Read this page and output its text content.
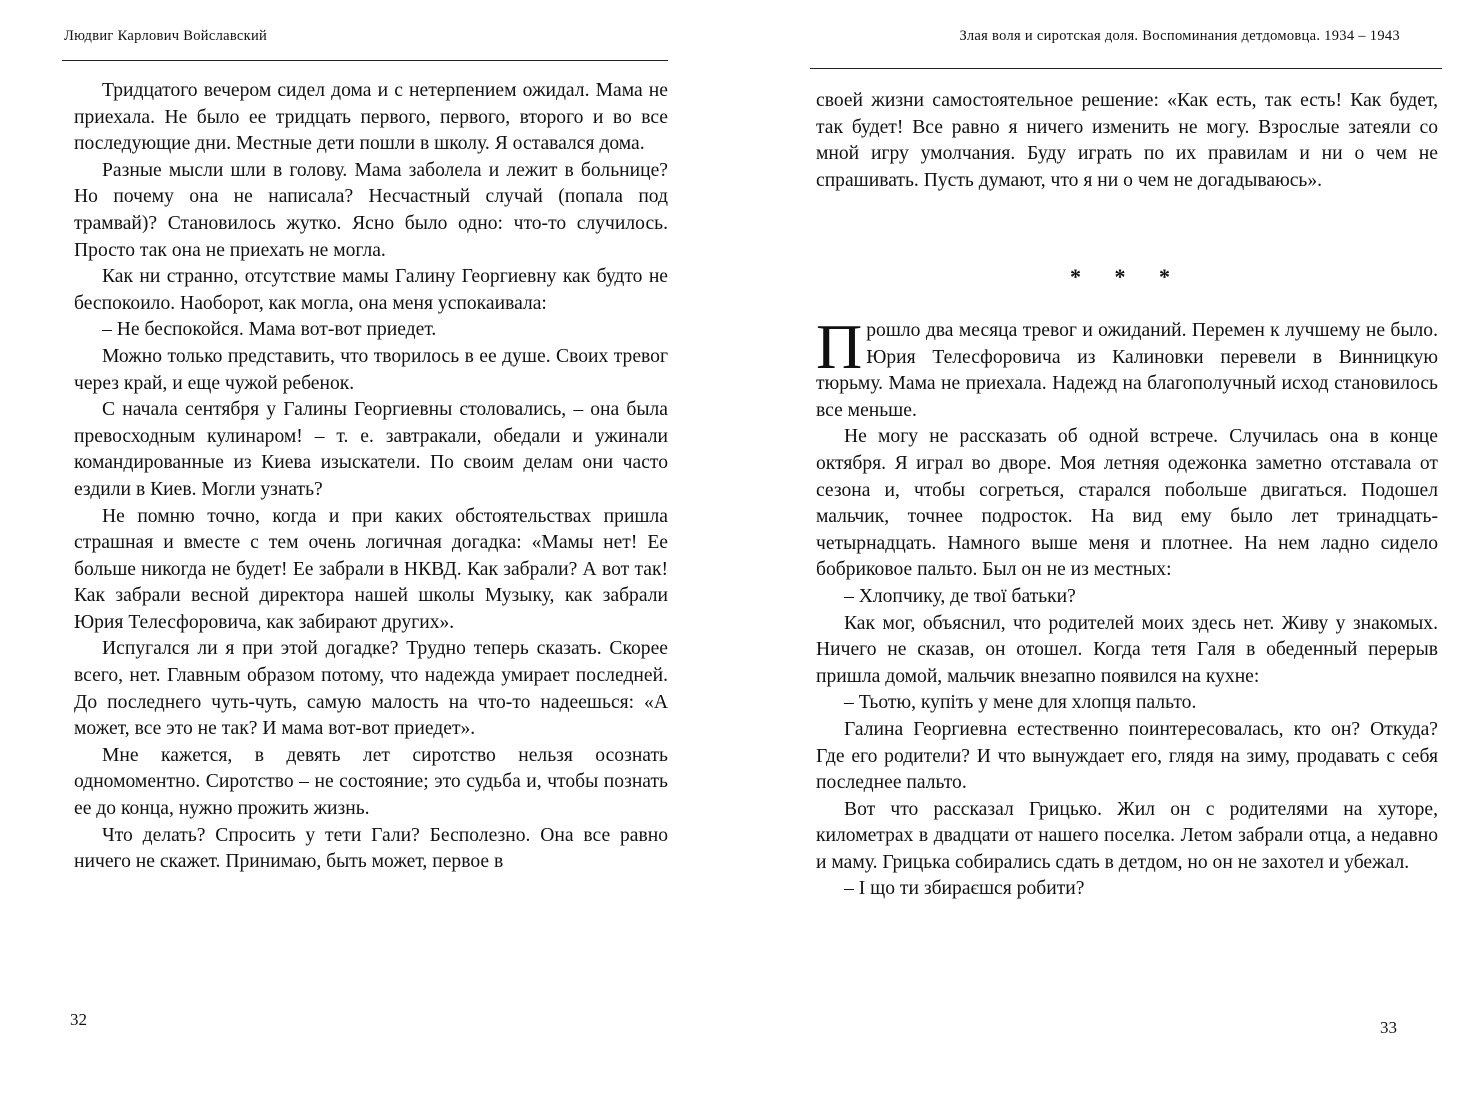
Людвиг Карлович Войславский

Тридцатого вечером сидел дома и с нетерпением ожидал. Мама не приехала. Не было ее тридцать первого, первого, второго и во все последующие дни. Местные дети пошли в школу. Я оставался дома.

Разные мысли шли в голову. Мама заболела и лежит в больнице? Но почему она не написала? Несчастный случай (попала под трамвай)? Становилось жутко. Ясно было одно: что-то случилось. Просто так она не приехать не могла.

Как ни странно, отсутствие мамы Галину Георгиевну как будто не беспокоило. Наоборот, как могла, она меня успокаивала:

– Не беспокойся. Мама вот-вот приедет.

Можно только представить, что творилось в ее душе. Своих тревог через край, и еще чужой ребенок.

С начала сентября у Галины Георгиевны столовались, – она была превосходным кулинаром! – т. е. завтракали, обедали и ужинали командированные из Киева изыскатели. По своим делам они часто ездили в Киев. Могли узнать?

Не помню точно, когда и при каких обстоятельствах пришла страшная и вместе с тем очень логичная догадка: «Мамы нет! Ее больше никогда не будет! Ее забрали в НКВД. Как забрали? А вот так! Как забрали весной директора нашей школы Музыку, как забрали Юрия Телесфоровича, как забирают других».

Испугался ли я при этой догадке? Трудно теперь сказать. Скорее всего, нет. Главным образом потому, что надежда умирает последней. До последнего чуть-чуть, самую малость на что-то надеешься: «А может, все это не так? И мама вот-вот приедет».

Мне кажется, в девять лет сиротство нельзя осознать одномоментно. Сиротство – не состояние; это судьба и, чтобы познать ее до конца, нужно прожить жизнь.

Что делать? Спросить у тети Гали? Бесполезно. Она все равно ничего не скажет. Принимаю, быть может, первое в

32
Злая воля и сиротская доля. Воспоминания детдомовца. 1934 – 1943

своей жизни самостоятельное решение: «Как есть, так есть! Как будет, так будет! Все равно я ничего изменить не могу. Взрослые затеяли со мной игру умолчания. Буду играть по их правилам и ни о чем не спрашивать. Пусть думают, что я ни о чем не догадываюсь».

* * *

Прошло два месяца тревог и ожиданий. Перемен к лучшему не было. Юрия Телесфоровича из Калиновки перевели в Винницкую тюрьму. Мама не приехала. Надежд на благополучный исход становилось все меньше.

Не могу не рассказать об одной встрече. Случилась она в конце октября. Я играл во дворе. Моя летняя одежонка заметно отставала от сезона и, чтобы согреться, старался побольше двигаться. Подошел мальчик, точнее подросток. На вид ему было лет тринадцать-четырнадцать. Намного выше меня и плотнее. На нем ладно сидело бобриковое пальто. Был он не из местных:

– Хлопчику, де твої батьки?

Как мог, объяснил, что родителей моих здесь нет. Живу у знакомых. Ничего не сказав, он отошел. Когда тетя Галя в обеденный перерыв пришла домой, мальчик внезапно появился на кухне:

– Тьотю, купіть у мене для хлопця пальто.

Галина Георгиевна естественно поинтересовалась, кто он? Откуда? Где его родители? И что вынуждает его, глядя на зиму, продавать с себя последнее пальто.

Вот что рассказал Грицько. Жил он с родителями на хуторе, километрах в двадцати от нашего поселка. Летом забрали отца, а недавно и маму. Грицька собирались сдать в детдом, но он не захотел и убежал.

– І що ти збираєшся робити?

33
